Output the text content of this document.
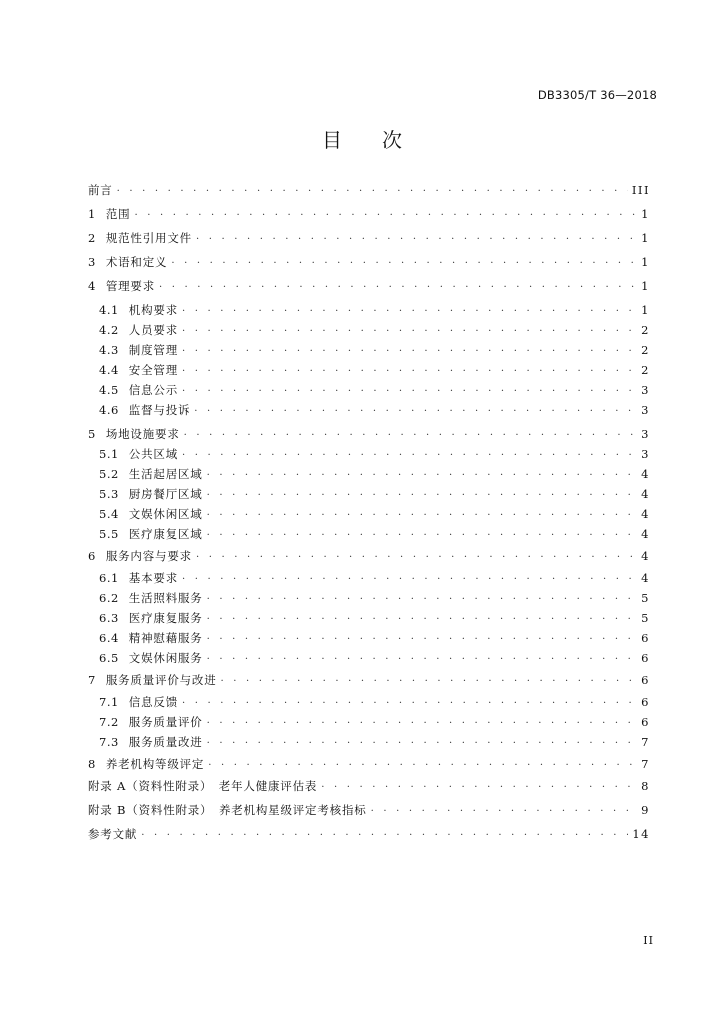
DB3305/T 36—2018
目 次
前言 . . .	III
1 范围 . . .	1
2 规范性引用文件 . . .	1
3 术语和定义 . . .	1
4 管理要求 . . .	1
4.1 机构要求 . . .	1
4.2 人员要求 . . .	2
4.3 制度管理 . . .	2
4.4 安全管理 . . .	2
4.5 信息公示 . . .	3
4.6 监督与投诉 . . .	3
5 场地设施要求 . . .	3
5.1 公共区域 . . .	3
5.2 生活起居区域 . . .	4
5.3 厨房餐厅区域 . . .	4
5.4 文娱休闲区域 . . .	4
5.5 医疗康复区域 . . .	4
6 服务内容与要求 . . .	4
6.1 基本要求 . . .	4
6.2 生活照料服务 . . .	5
6.3 医疗康复服务 . . .	5
6.4 精神慰藉服务 . . .	6
6.5 文娱休闲服务 . . .	6
7 服务质量评价与改进 . . .	6
7.1 信息反馈 . . .	6
7.2 服务质量评价 . . .	6
7.3 服务质量改进 . . .	7
8 养老机构等级评定 . . .	7
附录 A（资料性附录）　老年人健康评估表 . . .	8
附录 B（资料性附录）　养老机构星级评定考核指标 . . .	9
参考文献 . . .	14
II
